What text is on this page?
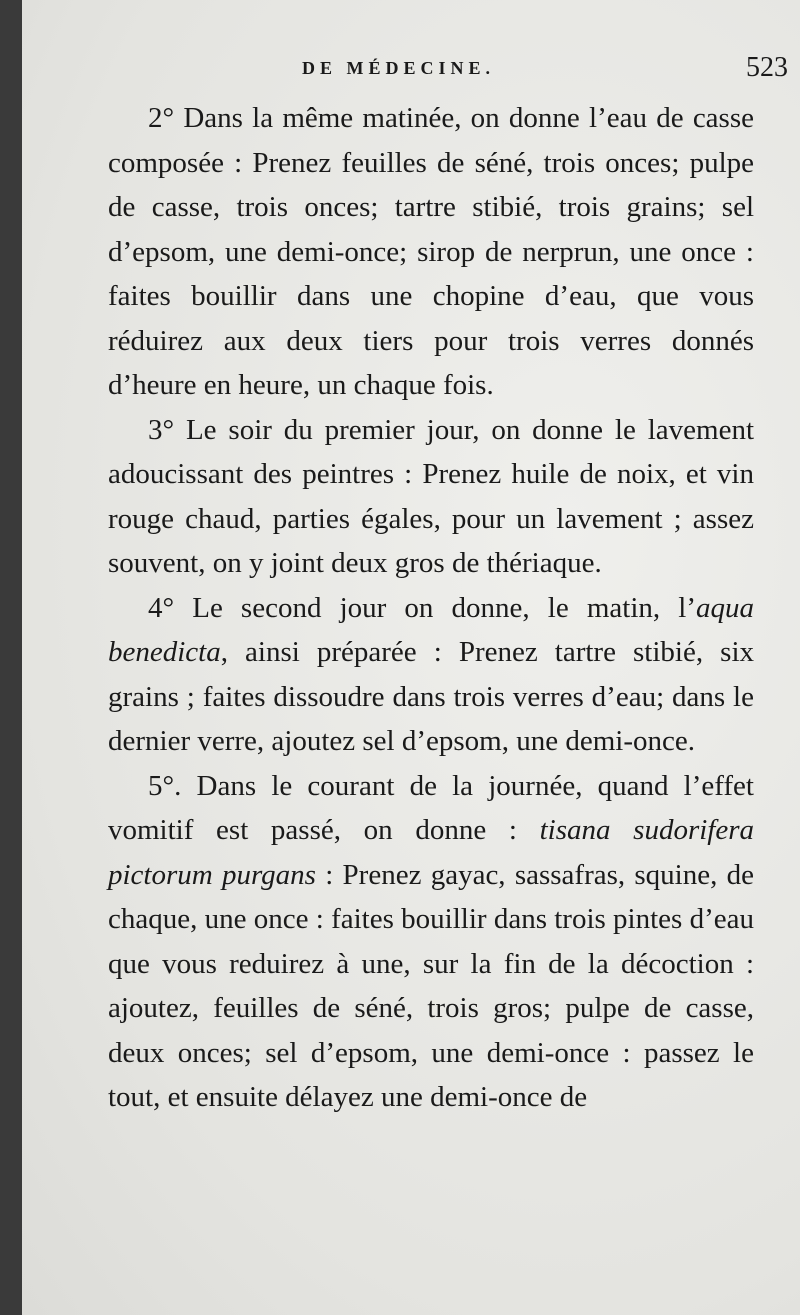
DE MÉDECINE.	523

2° Dans la même matinée, on donne l’eau de casse composée : Prenez feuilles de séné, trois onces; pulpe de casse, trois onces; tartre stibié, trois grains; sel d’epsom, une demi-once; sirop de nerprun, une once : faites bouillir dans une chopine d’eau, que vous réduirez aux deux tiers pour trois verres donnés d’heure en heure, un chaque fois.

3° Le soir du premier jour, on donne le lavement adoucissant des peintres : Prenez huile de noix, et vin rouge chaud, parties égales, pour un lavement ; assez souvent, on y joint deux gros de thériaque.

4° Le second jour on donne, le matin, l’aqua benedicta, ainsi préparée : Prenez tartre stibié, six grains ; faites dissoudre dans trois verres d’eau; dans le dernier verre, ajoutez sel d’epsom, une demi-once.

5°. Dans le courant de la journée, quand l’effet vomitif est passé, on donne : tisana sudorifera pictorum purgans : Prenez gayac, sassafras, squine, de chaque, une once : faites bouillir dans trois pintes d’eau que vous reduirez à une, sur la fin de la décoction : ajoutez, feuilles de séné, trois gros; pulpe de casse, deux onces; sel d’epsom, une demi-once : passez le tout, et ensuite délayez une demi-once de
